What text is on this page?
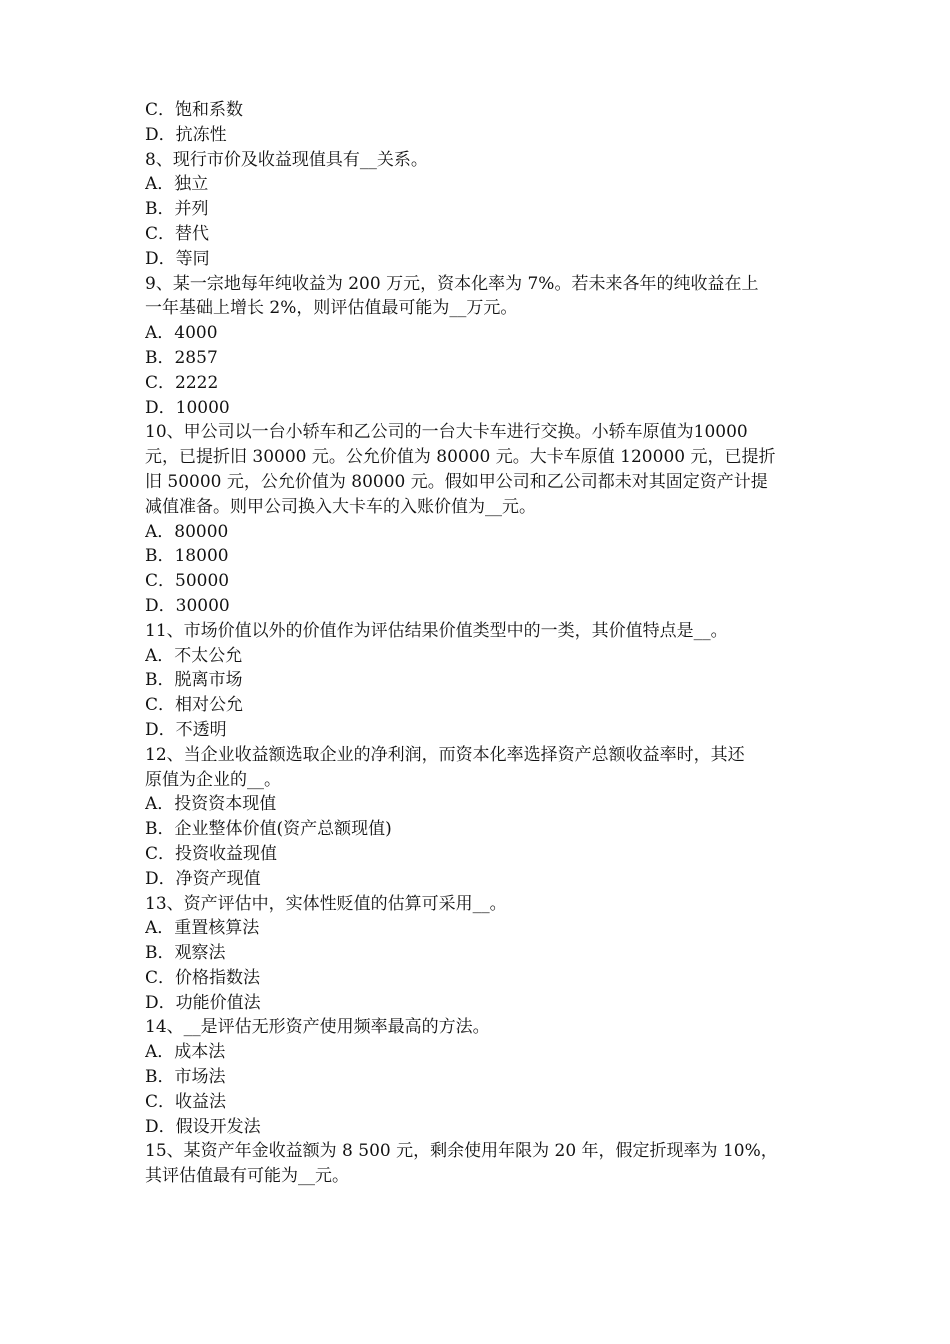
C．饱和系数
D．抗冻性
8、现行市价及收益现值具有__关系。
A．独立
B．并列
C．替代
D．等同
9、某一宗地每年纯收益为 200 万元，资本化率为 7%。若未来各年的纯收益在上
一年基础上增长 2%，则评估值最可能为__万元。
A．4000
B．2857
C．2222
D．10000
10、甲公司以一台小轿车和乙公司的一台大卡车进行交换。小轿车原值为10000
元，已提折旧 30000 元。公允价值为 80000 元。大卡车原值 120000 元，已提折
旧 50000 元，公允价值为 80000 元。假如甲公司和乙公司都未对其固定资产计提
减值准备。则甲公司换入大卡车的入账价值为__元。
A．80000
B．18000
C．50000
D．30000
11、市场价值以外的价值作为评估结果价值类型中的一类，其价值特点是__。
A．不太公允
B．脱离市场
C．相对公允
D．不透明
12、当企业收益额选取企业的净利润，而资本化率选择资产总额收益率时，其还
原值为企业的__。
A．投资资本现值
B．企业整体价值(资产总额现值)
C．投资收益现值
D．净资产现值
13、资产评估中，实体性贬值的估算可采用__。
A．重置核算法
B．观察法
C．价格指数法
D．功能价值法
14、__是评估无形资产使用频率最高的方法。
A．成本法
B．市场法
C．收益法
D．假设开发法
15、某资产年金收益额为 8 500 元，剩余使用年限为 20 年，假定折现率为 10%，
其评估值最有可能为__元。
